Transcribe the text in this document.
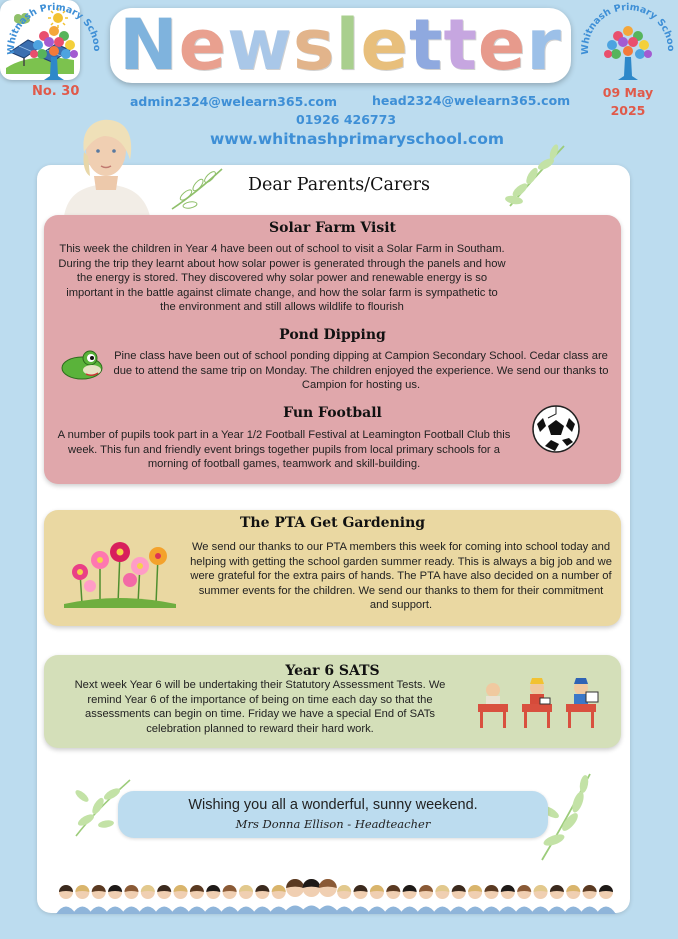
Whitnash Primary Schoo
No. 30
Whitnash Primary Schoo
09 May
2025
Newsletter
admin2324@welearn365.com	head2324@welearn365.com
01926 426773
www.whitnashprimaryschool.com
Dear Parents/Carers
Solar Farm Visit
This week the children in Year 4 have been out of school to visit a Solar Farm in Southam. During the trip they learnt about how solar power is generated through the panels and how the energy is stored. They discovered why solar power and renewable energy is so important in the battle against climate change, and how the solar farm is sympathetic to the environment and still allows wildlife to flourish
Pond Dipping
Pine class have been out of school ponding dipping at Campion Secondary School. Cedar class are due to attend the same trip on Monday. The children enjoyed the experience. We send our thanks to Campion for hosting us.
Fun Football
A number of pupils took part in a Year 1/2 Football Festival at Leamington Football Club this week. This fun and friendly event brings together pupils from local primary schools for a morning of football games, teamwork and skill-building.
The PTA Get Gardening
We send our thanks to our PTA members this week for coming into school today and helping with getting the school garden summer ready. This is always a big job and we were grateful for the extra pairs of hands. The PTA have also decided on a number of summer events for the children. We send our thanks to them for their commitment and support.
Year 6 SATS
Next week Year 6 will be undertaking their Statutory Assessment Tests. We remind Year 6 of the importance of being on time each day so that the assessments can begin on time. Friday we have a special End of SATs celebration planned to reward their hard work.
Wishing you all a wonderful, sunny weekend.
Mrs Donna Ellison - Headteacher
